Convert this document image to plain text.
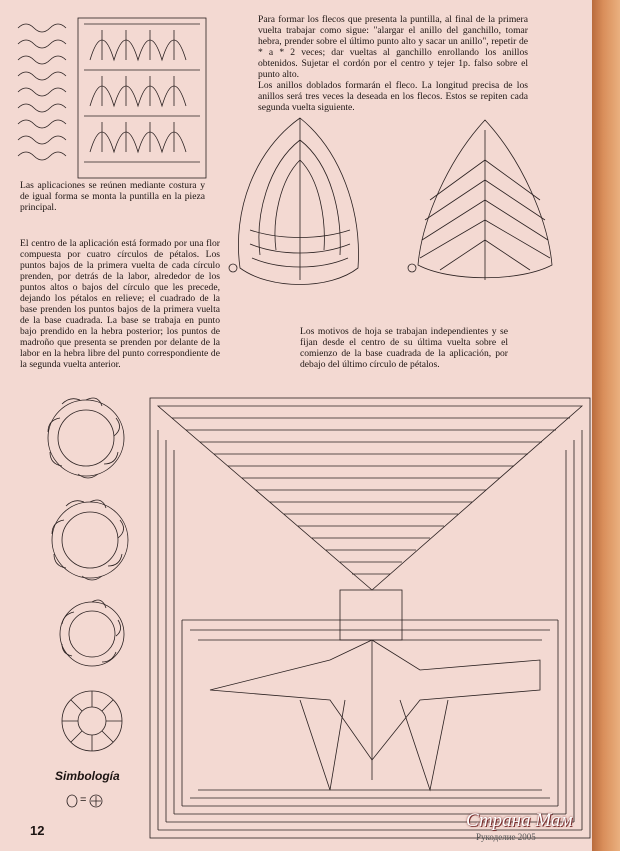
Para formar los flecos que presenta la puntilla, al final de la primera vuelta trabajar como sigue: "alargar el anillo del ganchillo, tomar hebra, prender sobre el último punto alto y sacar un anillo", repetir de * a * 2 veces; dar vueltas al ganchillo enrollando los anillos obtenidos. Sujetar el cordón por el centro y tejer 1p. falso sobre el punto alto.
Los anillos doblados formarán el fleco. La longitud precisa de los anillos será tres veces la deseada en los flecos. Estos se repiten cada segunda vuelta siguiente.
Las aplicaciones se reúnen mediante costura y de igual forma se monta la puntilla en la pieza principal.
El centro de la aplicación está formado por una flor compuesta por cuatro círculos de pétalos. Los puntos bajos de la primera vuelta de cada círculo prenden, por detrás de la labor, alrededor de los puntos altos o bajos del círculo que les precede, dejando los pétalos en relieve; el cuadrado de la base prenden los puntos bajos de la primera vuelta de la base cuadrada. La base se trabaja en punto bajo prendido en la hebra posterior; los puntos de madroño que presenta se prenden por delante de la labor en la hebra libre del punto correspondiente de la segunda vuelta anterior.
Los motivos de hoja se trabajan independientes y se fijan desde el centro de su última vuelta sobre el comienzo de la base cuadrada de la aplicación, por debajo del último círculo de pétalos.
Simbología
=
12	Страна Мам
Рукоделие 2005
